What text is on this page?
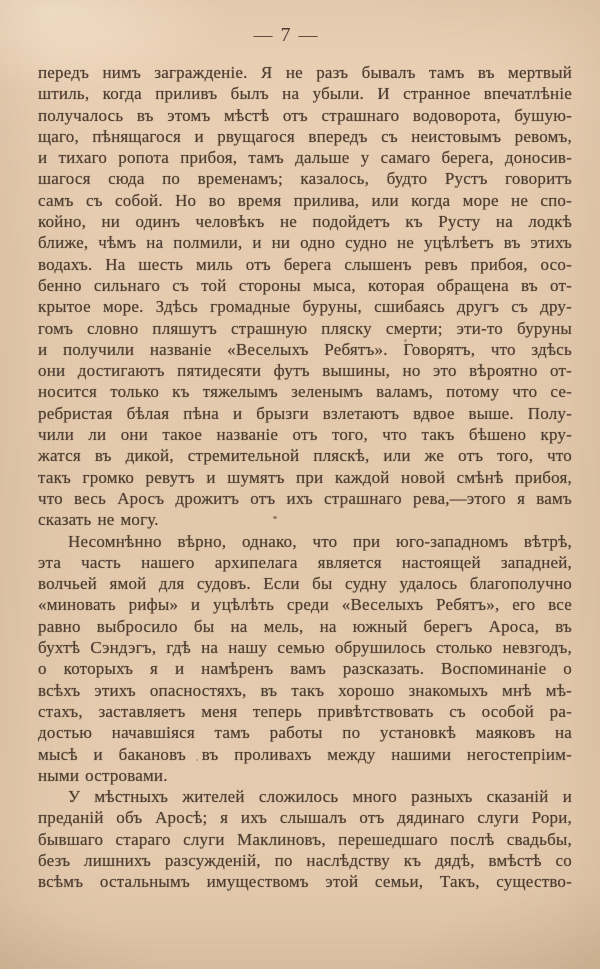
— 7 —
передъ нимъ загражденіе. Я не разъ бывалъ тамъ въ мертвый
штиль, когда приливъ былъ на убыли. И странное впечатлѣніе
получалось въ этомъ мѣстѣ отъ страшнаго водоворота, бушую-
щаго, пѣнящагося и рвущагося впередъ съ неистовымъ ревомъ,
и тихаго ропота прибоя, тамъ дальше у самаго берега, доносив-
шагося сюда по временамъ; казалось, будто Рустъ говоритъ
самъ съ собой. Но во время прилива, или когда море не спо-
койно, ни одинъ человѣкъ не подойдетъ къ Русту на лодкѣ
ближе, чѣмъ на полмили, и ни одно судно не уцѣлѣетъ въ этихъ
водахъ. На шесть миль отъ берега слышенъ ревъ прибоя, осо-
бенно сильнаго съ той стороны мыса, которая обращена въ от-
крытое море. Здѣсь громадные буруны, сшибаясь другъ съ дру-
гомъ словно пляшутъ страшную пляску смерти; эти-то буруны
и получили названіе «Веселыхъ Ребятъ». Говорятъ, что здѣсь
они достигаютъ пятидесяти футъ вышины, но это вѣроятно от-
носится только къ тяжелымъ зеленымъ валамъ, потому что се-
ребристая бѣлая пѣна и брызги взлетаютъ вдвое выше. Полу-
чили ли они такое названіе отъ того, что такъ бѣшено кру-
жатся въ дикой, стремительной пляскѣ, или же отъ того, что
такъ громко ревутъ и шумятъ при каждой новой смѣнѣ прибоя,
что весь Аросъ дрожитъ отъ ихъ страшнаго рева,—этого я вамъ
сказать не могу.
Несомнѣнно вѣрно, однако, что при юго-западномъ вѣтрѣ,
эта часть нашего архипелага является настоящей западней,
волчьей ямой для судовъ. Если бы судну удалось благополучно
«миновать рифы» и уцѣлѣть среди «Веселыхъ Ребятъ», его все
равно выбросило бы на мель, на южный берегъ Ароса, въ
бухтѣ Сэндэгъ, гдѣ на нашу семью обрушилось столько невзгодъ,
о которыхъ я и намѣренъ вамъ разсказать. Воспоминаніе о
всѣхъ этихъ опасностяхъ, въ такъ хорошо знакомыхъ мнѣ мѣ-
стахъ, заставляетъ меня теперь привѣтствовать съ особой ра-
достью начавшіяся тамъ работы по установкѣ маяковъ на
мысѣ и бакановъ въ проливахъ между нашими негостепріим-
ными островами.
У мѣстныхъ жителей сложилось много разныхъ сказаній и
преданій объ Аросѣ; я ихъ слышалъ отъ дядинаго слуги Рори,
бывшаго стараго слуги Маклиновъ, перешедшаго послѣ свадьбы,
безъ лишнихъ разсужденій, по наслѣдству къ дядѣ, вмѣстѣ со
всѣмъ остальнымъ имуществомъ этой семьи, Такъ, существо-
